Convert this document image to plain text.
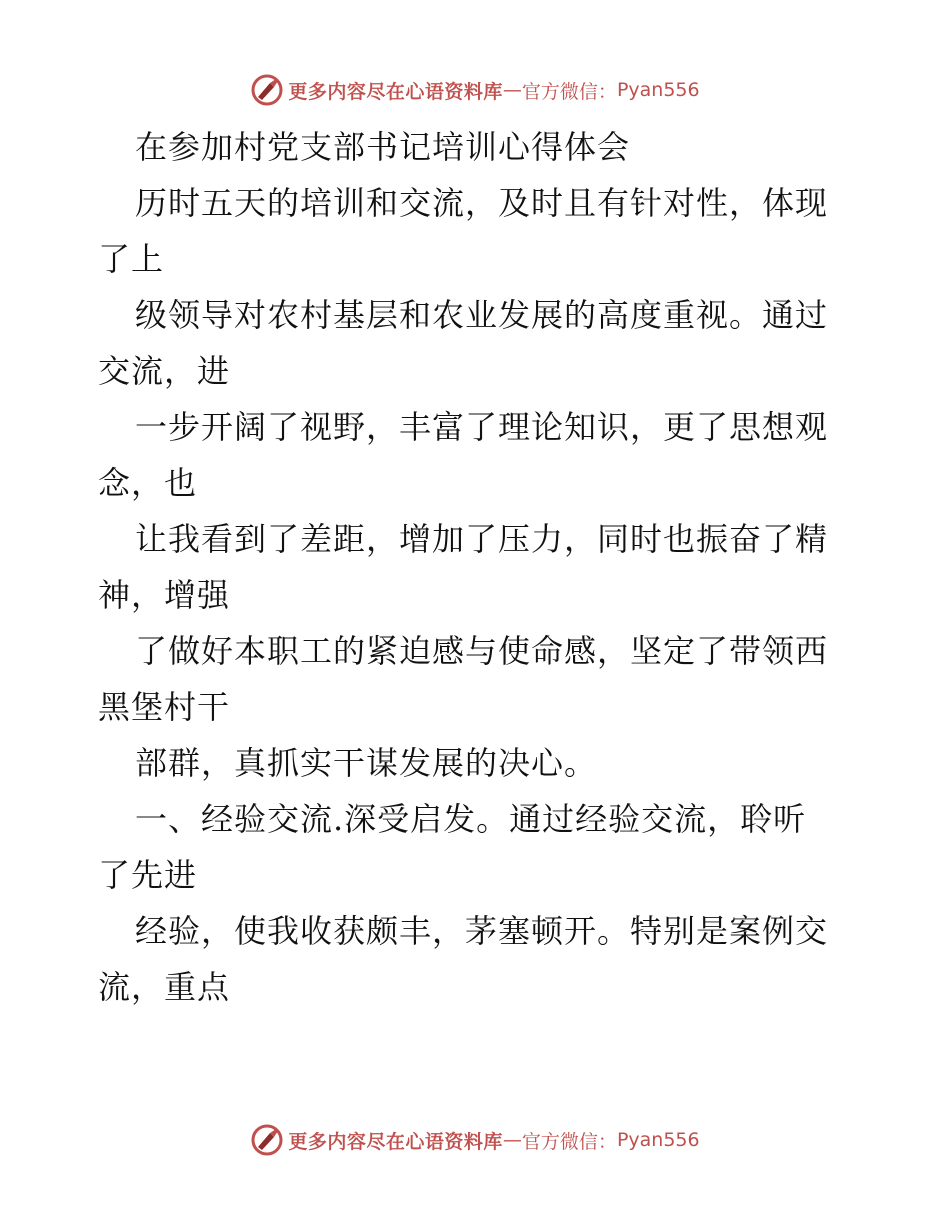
更多内容尽在心语资料库 — 官方微信： Pyan556
在参加村党支部书记培训心得体会
历时五天的培训和交流，及时且有针对性，体现
了上
级领导对农村基层和农业发展的高度重视。通过
交流，进
一步开阔了视野，丰富了理论知识，更了思想观
念，也
让我看到了差距，增加了压力，同时也振奋了精
神，增强
了做好本职工的紧迫感与使命感，坚定了带领西
黑堡村干
部群，真抓实干谋发展的决心。
一、经验交流.深受启发。通过经验交流，聆听
了先进
经验，使我收获颇丰，茅塞顿开。特别是案例交
流，重点
更多内容尽在心语资料库 — 官方微信： Pyan556
